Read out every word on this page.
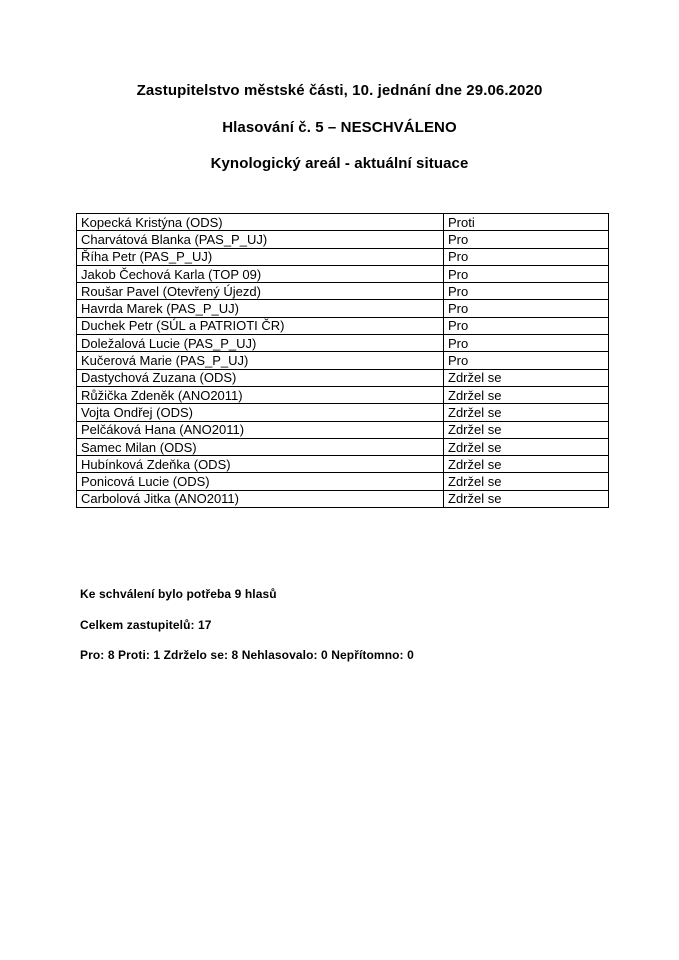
Zastupitelstvo městské části, 10. jednání dne 29.06.2020
Hlasování č. 5 – NESCHVÁLENO
Kynologický areál - aktuální situace
Kopecká Kristýna (ODS)	Proti
Charvátová Blanka (PAS_P_UJ)	Pro
Říha Petr (PAS_P_UJ)	Pro
Jakob Čechová Karla (TOP 09)	Pro
Roušar Pavel (Otevřený Újezd)	Pro
Havrda Marek (PAS_P_UJ)	Pro
Duchek Petr (SÚL a PATRIOTI ČR)	Pro
Doležalová Lucie (PAS_P_UJ)	Pro
Kučerová Marie (PAS_P_UJ)	Pro
Dastychová Zuzana (ODS)	Zdržel se
Růžička Zdeněk (ANO2011)	Zdržel se
Vojta Ondřej (ODS)	Zdržel se
Pelčáková Hana (ANO2011)	Zdržel se
Samec Milan (ODS)	Zdržel se
Hubínková Zdeňka (ODS)	Zdržel se
Ponicová Lucie (ODS)	Zdržel se
Carbolová Jitka (ANO2011)	Zdržel se

Ke schválení bylo potřeba 9 hlasů

Celkem zastupitelů: 17

Pro: 8 Proti: 1 Zdrželo se: 8 Nehlasovalo: 0 Nepřítomno: 0
